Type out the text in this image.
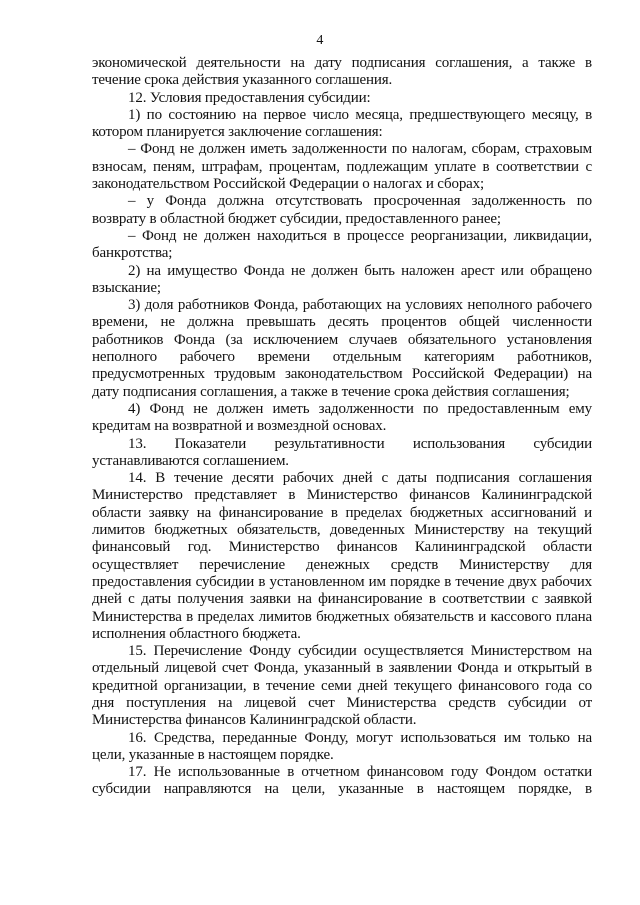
4

экономической деятельности на дату подписания соглашения, а также в течение срока действия указанного соглашения.

12. Условия предоставления субсидии:

1) по состоянию на первое число месяца, предшествующего месяцу, в котором планируется заключение соглашения:

– Фонд не должен иметь задолженности по налогам, сборам, страховым взносам, пеням, штрафам, процентам, подлежащим уплате в соответствии с законодательством Российской Федерации о налогах и сборах;

– у Фонда должна отсутствовать просроченная задолженность по возврату в областной бюджет субсидии, предоставленного ранее;

– Фонд не должен находиться в процессе реорганизации, ликвидации, банкротства;

2) на имущество Фонда не должен быть наложен арест или обращено взыскание;

3) доля работников Фонда, работающих на условиях неполного рабочего времени, не должна превышать десять процентов общей численности работников Фонда (за исключением случаев обязательного установления неполного рабочего времени отдельным категориям работников, предусмотренных трудовым законодательством Российской Федерации) на дату подписания соглашения, а также в течение срока действия соглашения;

4) Фонд не должен иметь задолженности по предоставленным ему кредитам на возвратной и возмездной основах.

13. Показатели результативности использования субсидии устанавливаются соглашением.

14. В течение десяти рабочих дней с даты подписания соглашения Министерство представляет в Министерство финансов Калининградской области заявку на финансирование в пределах бюджетных ассигнований и лимитов бюджетных обязательств, доведенных Министерству на текущий финансовый год. Министерство финансов Калининградской области осуществляет перечисление денежных средств Министерству для предоставления субсидии в установленном им порядке в течение двух рабочих дней с даты получения заявки на финансирование в соответствии с заявкой Министерства в пределах лимитов бюджетных обязательств и кассового плана исполнения областного бюджета.

15. Перечисление Фонду субсидии осуществляется Министерством на отдельный лицевой счет Фонда, указанный в заявлении Фонда и открытый в кредитной организации, в течение семи дней текущего финансового года со дня поступления на лицевой счет Министерства средств субсидии от Министерства финансов Калининградской области.

16. Средства, переданные Фонду, могут использоваться им только на цели, указанные в настоящем порядке.

17. Не использованные в отчетном финансовом году Фондом остатки субсидии направляются на цели, указанные в настоящем порядке, в
